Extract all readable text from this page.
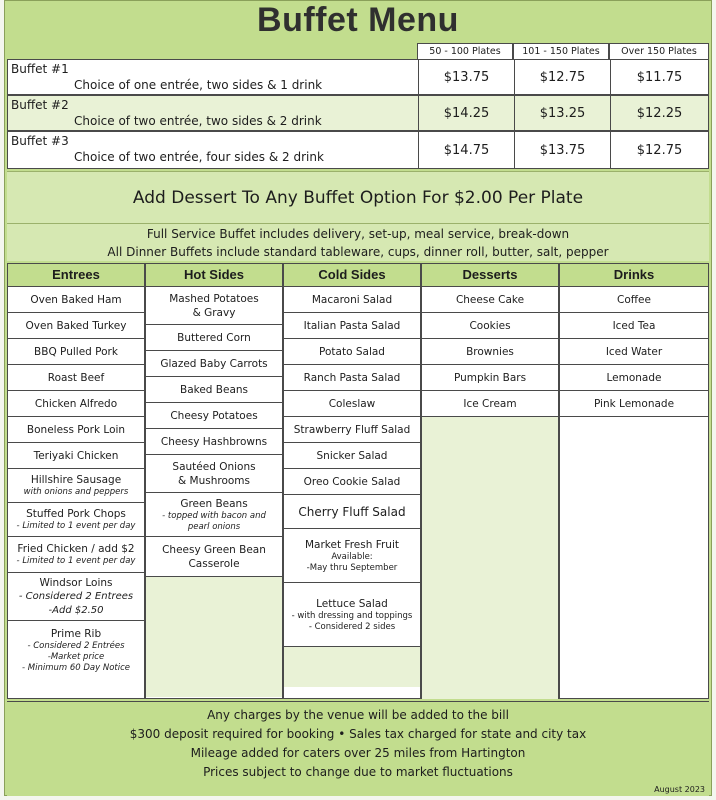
Buffet Menu
50 - 100 Plates	101 - 150 Plates	Over 150 Plates
Buffet #1
Choice of one entrée, two sides & 1 drink
$13.75	$12.75	$11.75
Buffet #2
Choice of two entrée, two sides & 2 drink
$14.25	$13.25	$12.25
Buffet #3
Choice of two entrée, four sides & 2 drink	$14.75	$13.75	$12.75
Add Dessert To Any Buffet Option For $2.00 Per Plate
Full Service Buffet includes delivery, set-up, meal service, break-down
All Dinner Buffets include standard tableware, cups, dinner roll, butter, salt, pepper
Entrees
Oven Baked Ham
Oven Baked Turkey
BBQ Pulled Pork
Roast Beef
Chicken Alfredo
Boneless Pork Loin
Teriyaki Chicken
Hillshire Sausage
with onions and peppers
Stuffed Pork Chops
- Limited to 1 event per day
Fried Chicken / add $2
- Limited to 1 event per day
Windsor Loins
- Considered 2 Entrees
-Add $2.50
Prime Rib
- Considered 2 Entrées
-Market price
- Minimum 60 Day Notice
Hot Sides
Mashed Potatoes
& Gravy
Buttered Corn
Glazed Baby Carrots
Baked Beans
Cheesy Potatoes
Cheesy Hashbrowns
Sautéed Onions
& Mushrooms
Green Beans
- topped with bacon and
pearl onions
Cheesy Green Bean
Casserole
Cold Sides
Macaroni Salad
Italian Pasta Salad
Potato Salad
Ranch Pasta Salad
Coleslaw
Strawberry Fluff Salad
Snicker Salad
Oreo Cookie Salad
Cherry Fluff Salad
Market Fresh Fruit
Available:
-May thru September
Lettuce Salad
- with dressing and toppings
- Considered 2 sides
Desserts
Cheese Cake
Cookies
Brownies
Pumpkin Bars
Ice Cream
Drinks
Coffee
Iced Tea
Iced Water
Lemonade
Pink Lemonade
Any charges by the venue will be added to the bill
$300 deposit required for booking • Sales tax charged for state and city tax
Mileage added for caters over 25 miles from Hartington
Prices subject to change due to market fluctuations
August 2023
